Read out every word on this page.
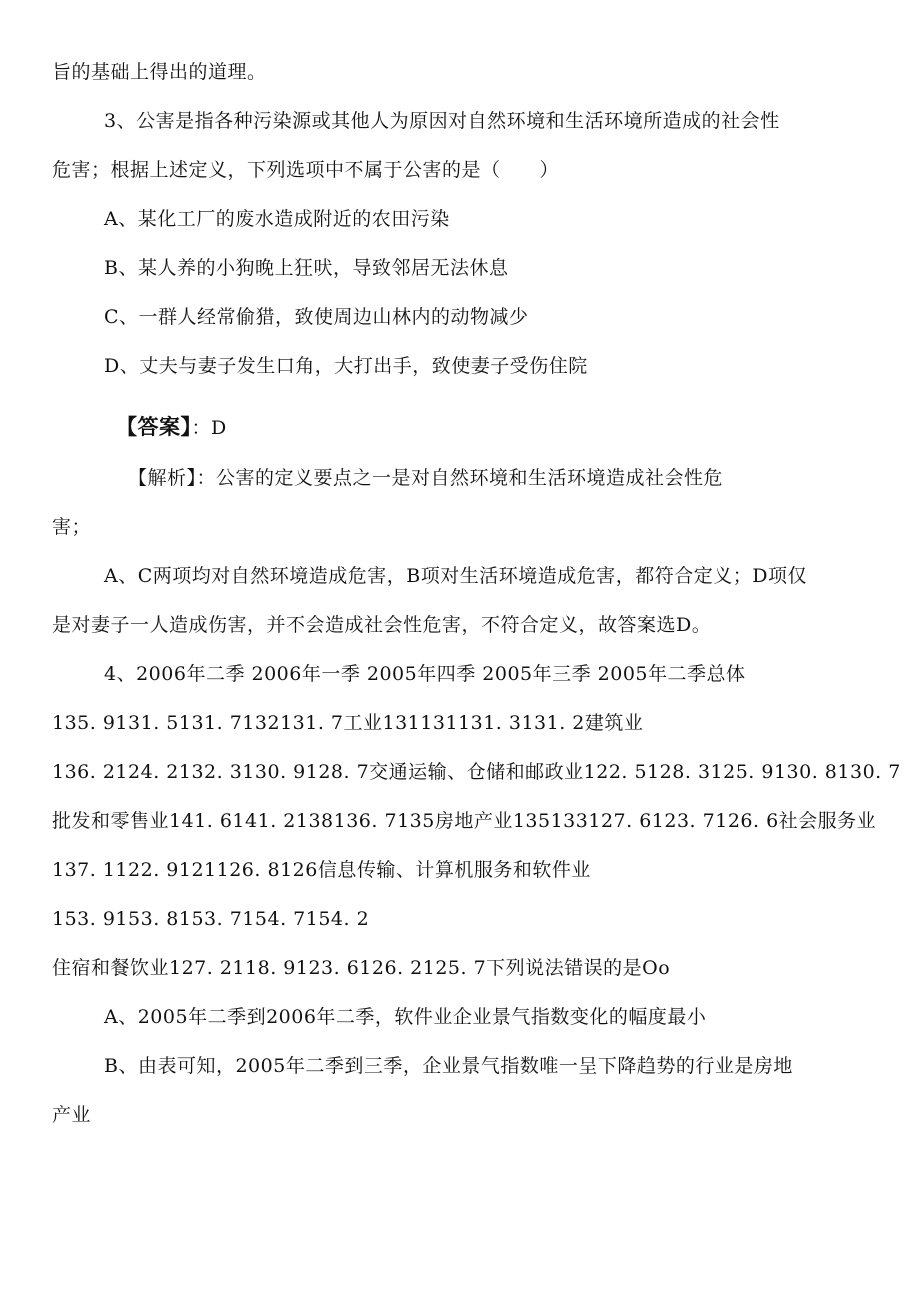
旨的基础上得出的道理。
3、公害是指各种污染源或其他人为原因对自然环境和生活环境所造成的社会性
危害；根据上述定义，下列选项中不属于公害的是（　　）
A、某化工厂的废水造成附近的农田污染
B、某人养的小狗晚上狂吠，导致邻居无法休息
C、一群人经常偷猎，致使周边山林内的动物减少
D、丈夫与妻子发生口角，大打出手，致使妻子受伤住院
【答案】：D
【解析】：公害的定义要点之一是对自然环境和生活环境造成社会性危
害；
A、C两项均对自然环境造成危害，B项对生活环境造成危害，都符合定义；D项仅
是对妻子一人造成伤害，并不会造成社会性危害，不符合定义，故答案选D。
4、2006年二季 2006年一季 2005年四季 2005年三季 2005年二季总体
135. 9131. 5131. 7132131. 7工业131131131. 3131. 2建筑业
136. 2124. 2132. 3130. 9128. 7交通运输、仓储和邮政业122. 5128. 3125. 9130. 8130. 7
批发和零售业141. 6141. 2138136. 7135房地产业135133127. 6123. 7126. 6社会服务业
137. 1122. 9121126. 8126信息传输、计算机服务和软件业
153. 9153. 8153. 7154. 7154. 2
住宿和餐饮业127. 2118. 9123. 6126. 2125. 7下列说法错误的是Oo
A、2005年二季到2006年二季，软件业企业景气指数变化的幅度最小
B、由表可知，2005年二季到三季，企业景气指数唯一呈下降趋势的行业是房地
产业
